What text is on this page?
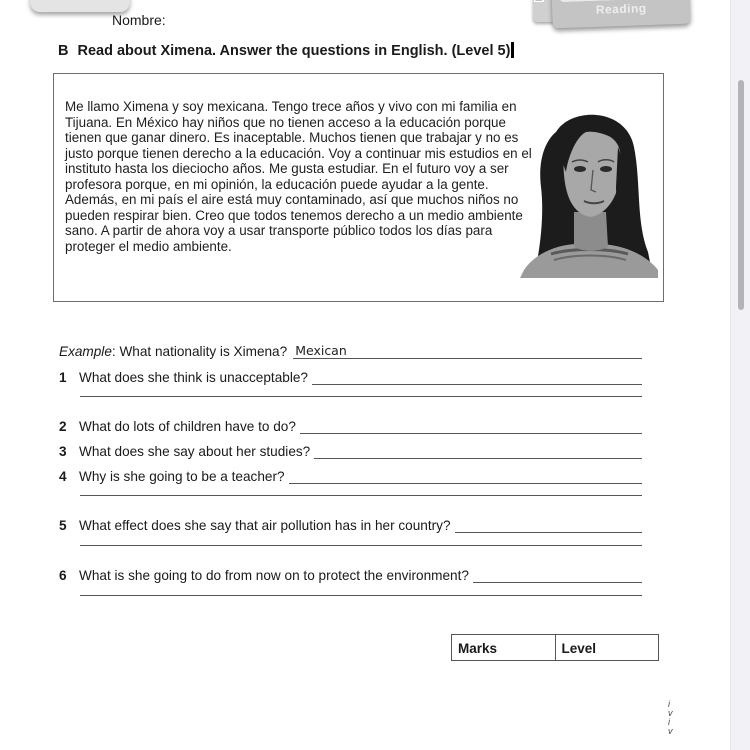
Reading
Nombre:
B Read about Ximena. Answer the questions in English. (Level 5)
Me llamo Ximena y soy mexicana. Tengo trece años y vivo con mi familia en Tijuana. En México hay niños que no tienen acceso a la educación porque tienen que ganar dinero. Es inaceptable. Muchos tienen que trabajar y no es justo porque tienen derecho a la educación. Voy a continuar mis estudios en el instituto hasta los dieciocho años. Me gusta estudiar. En el futuro voy a ser profesora porque, en mi opinión, la educación puede ayudar a la gente. Además, en mi país el aire está muy contaminado, así que muchos niños no pueden respirar bien. Creo que todos tenemos derecho a un medio ambiente sano. A partir de ahora voy a usar transporte público todos los días para proteger el medio ambiente.
Example : What nationality is Ximena? Mexican
1 What does she think is unacceptable?
2 What do lots of children have to do?
3 What does she say about her studies?
4 Why is she going to be a teacher?
5 What effect does she say that air pollution has in her country?
6 What is she going to do from now on to protect the environment?
Marks	Level
i
v
i
v
